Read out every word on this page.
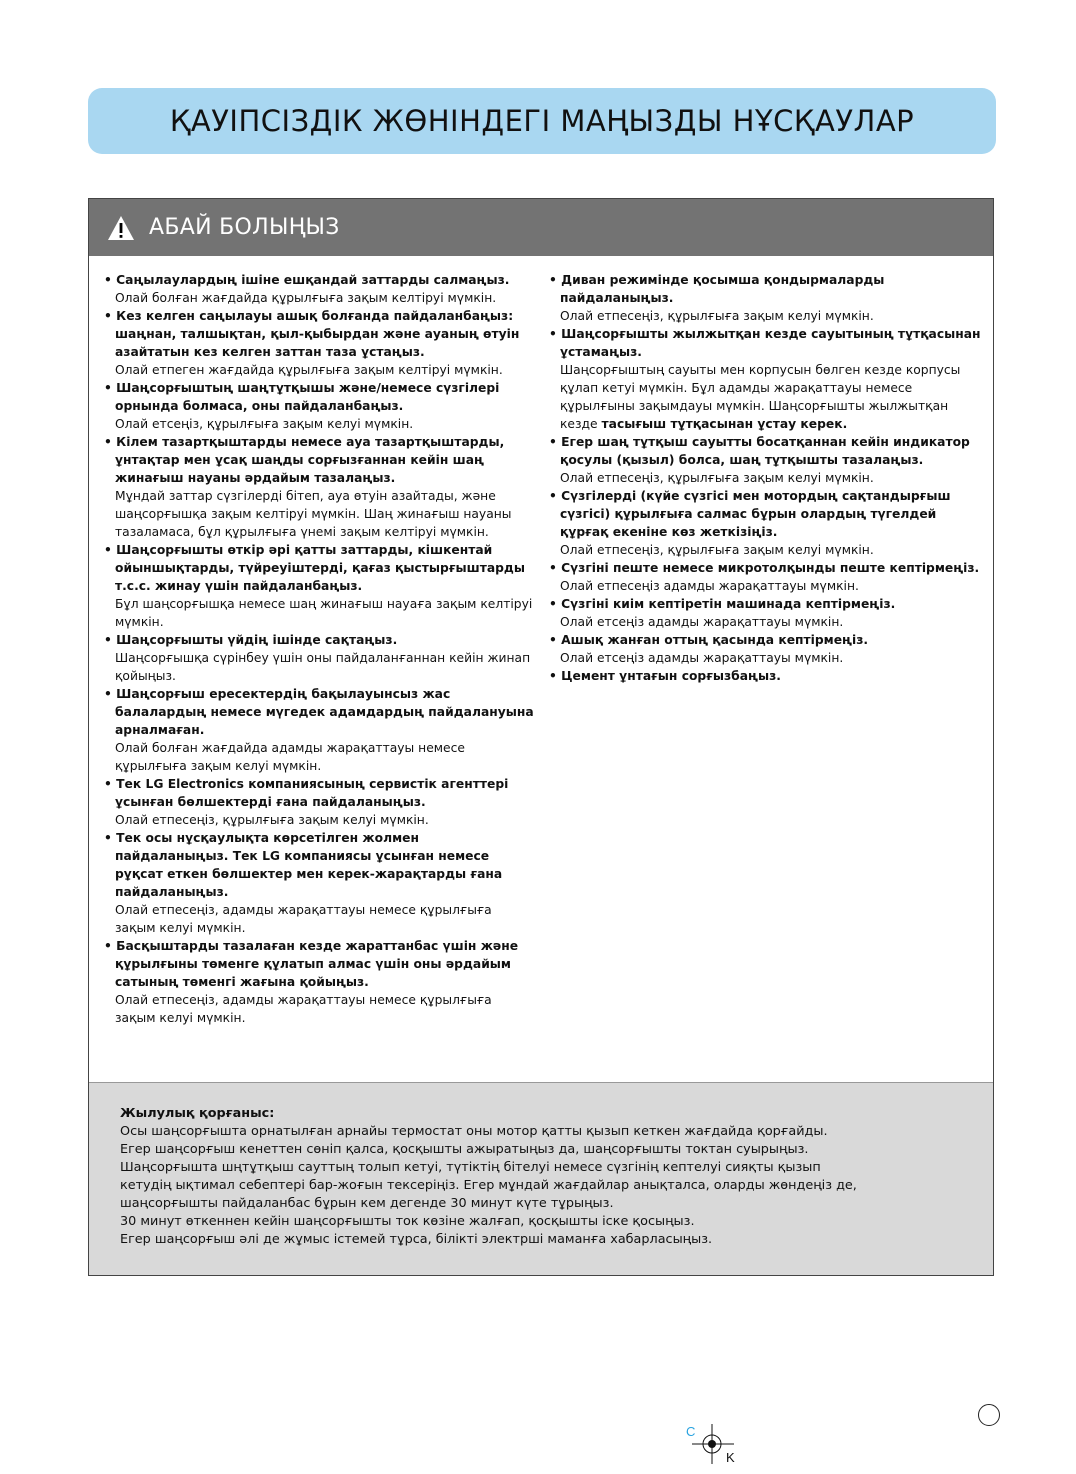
ҚАУІПСІЗДІК ЖӨНІНДЕГІ МАҢЫЗДЫ НҰСҚАУЛАР
АБАЙ БОЛЫҢЫЗ

• Саңылаулардың ішіне ешқандай заттарды салмаңыз.
Олай болған жағдайда құрылғыға зақым келтіруі мүмкін.

• Кез келген саңылауы ашық болғанда пайдаланбаңыз: шаңнан, талшықтан, қыл-қыбырдан және ауаның өтуін азайтатын кез келген заттан таза ұстаңыз.
Олай етпеген жағдайда құрылғыға зақым келтіруі мүмкін.

• Шаңсорғыштың шаңтұтқышы және/немесе сүзгілері орнында болмаса, оны пайдаланбаңыз.
Олай етсеңіз, құрылғыға зақым келуі мүмкін.

• Кілем тазартқыштарды немесе ауа тазартқыштарды, ұнтақтар мен ұсақ шаңды сорғызғаннан кейін шаң жинағыш науаны әрдайым тазалаңыз.
Мұндай заттар сүзгілерді бітеп, ауа өтуін азайтады, және шаңсорғышқа зақым келтіруі мүмкін. Шаң жинағыш науаны тазаламаса, бұл құрылғыға үнемі зақым келтіруі мүмкін.

• Шаңсорғышты өткір әрі қатты заттарды, кішкентай ойыншықтарды, түйреуіштерді, қағаз қыстырғыштарды т.с.с. жинау үшін пайдаланбаңыз.
Бұл шаңсорғышқа немесе шаң жинағыш науаға зақым келтіруі мүмкін.

• Шаңсорғышты үйдің ішінде сақтаңыз.
Шаңсорғышқа сүрінбеу үшін оны пайдаланғаннан кейін жинап қойыңыз.

• Шаңсорғыш ересектердің бақылауынсыз жас балалардың немесе мүгедек адамдардың пайдалануына арналмаған.
Олай болған жағдайда адамды жарақаттауы немесе құрылғыға зақым келуі мүмкін.

• Тек LG Electronics компаниясының сервистік агенттері ұсынған бөлшектерді ғана пайдаланыңыз.
Олай етпесеңіз, құрылғыға зақым келуі мүмкін.

• Тек осы нұсқаулықта көрсетілген жолмен пайдаланыңыз. Тек LG компаниясы ұсынған немесе рұқсат еткен бөлшектер мен керек-жарақтарды ғана пайдаланыңыз.
Олай етпесеңіз, адамды жарақаттауы немесе құрылғыға зақым келуі мүмкін.

• Басқыштарды тазалаған кезде жараттанбас үшін және құрылғыны төменге құлатып алмас үшін оны әрдайым сатының төменгі жағына қойыңыз.
Олай етпесеңіз, адамды жарақаттауы немесе құрылғыға зақым келуі мүмкін.

• Диван режимінде қосымша қондырмаларды пайдаланыңыз.
Олай етпесеңіз, құрылғыға зақым келуі мүмкін.

• Шаңсорғышты жылжытқан кезде сауытының тұтқасынан ұстамаңыз.
Шаңсорғыштың сауыты мен корпусын бөлген кезде корпусы құлап кетуі мүмкін. Бұл адамды жарақаттауы немесе құрылғыны зақымдауы мүмкін. Шаңсорғышты жылжытқан кезде тасығыш тұтқасынан ұстау керек.

• Егер шаң тұтқыш сауытты босатқаннан кейін индикатор қосулы (қызыл) болса, шаң тұтқышты тазалаңыз.
Олай етпесеңіз, құрылғыға зақым келуі мүмкін.

• Сүзгілерді (күйе сүзгісі мен мотордың сақтандырғыш сүзгісі) құрылғыға салмас бұрын олардың түгелдей құрғақ екеніне көз жеткізіңіз.
Олай етпесеңіз, құрылғыға зақым келуі мүмкін.

• Сүзгіні пеште немесе микротолқынды пеште кептірмеңіз.
Олай етпесеңіз адамды жарақаттауы мүмкін.

• Сүзгіні киім кептіретін машинада кептірмеңіз.
Олай етсеңіз адамды жарақаттауы мүмкін.

• Ашық жанған оттың қасында кептірмеңіз.
Олай етсеңіз адамды жарақаттауы мүмкін.

• Цемент ұнтағын сорғызбаңыз.

Жылулық қорғаныс:
Осы шаңсорғышта орнатылған арнайы термостат оны мотор қатты қызып кеткен жағдайда қорғайды.
Егер шаңсорғыш кенеттен сөніп қалса, қосқышты ажыратыңыз да, шаңсорғышты токтан суырыңыз.
Шаңсорғышта шңтұтқыш сауттың толып кетуі, түтіктің бітелуі немесе сүзгінің кептелуі сияқты қызып
кетудің ықтимал себептері бар-жоғын тексеріңіз. Егер мұндай жағдайлар анықталса, оларды жөндеңіз де,
шаңсорғышты пайдаланбас бұрын кем дегенде 30 минут күте тұрыңыз.
30 минут өткеннен кейін шаңсорғышты ток көзіне жалғап, қосқышты іске қосыңыз.
Егер шаңсорғыш әлі де жұмыс істемей тұрса, білікті электрші маманға хабарласыңыз.
C
K
